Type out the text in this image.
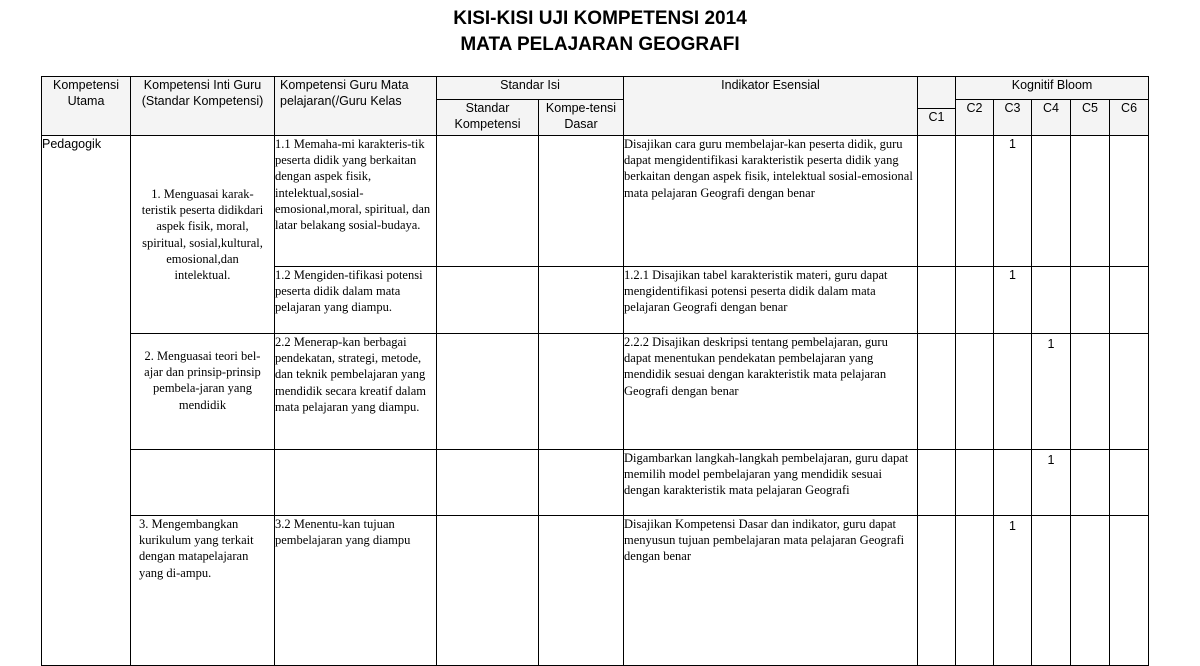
KISI-KISI UJI KOMPETENSI 2014
MATA PELAJARAN GEOGRAFI
Kompetensi Utama	Kompetensi Inti Guru (Standar Kompetensi)	Kompetensi Guru Mata pelajaran(/Guru Kelas	Standar Isi		Indikator Esensial		Kognitif Bloom				
			Standar Kompetensi	Kompe-tensi Dasar			C2	C3	C4	C5	C6
						C1					
Pedagogik	1. Menguasai karak-teristik peserta didikdari aspek fisik, moral, spiritual, sosial,kultural, emosional,dan intelektual.	1.1 Memaha-mi karakteris-tik peserta didik yang berkaitan dengan aspek fisik, intelektual,sosial-emosional,moral, spiritual, dan latar belakang sosial-budaya.			Disajikan cara guru membelajar-kan peserta didik, guru dapat mengidentifikasi karakteristik peserta didik yang berkaitan dengan aspek fisik, intelektual sosial-emosional mata pelajaran Geografi dengan benar			1			
		1.2 Mengiden-tifikasi potensi peserta didik dalam mata pelajaran yang diampu.			1.2.1 Disajikan tabel karakteristik materi, guru dapat mengidentifikasi potensi peserta didik dalam mata pelajaran Geografi dengan benar			1			
	2. Menguasai teori bel-ajar dan prinsip-prinsip pembela-jaran yang mendidik	2.2 Menerap-kan berbagai pendekatan, strategi, metode, dan teknik pembelajaran yang mendidik secara kreatif dalam mata pelajaran yang diampu.			2.2.2 Disajikan deskripsi tentang pembelajaran, guru dapat menentukan pendekatan pembelajaran yang mendidik sesuai dengan karakteristik mata pelajaran Geografi dengan benar				1		
					Digambarkan langkah-langkah pembelajaran, guru dapat memilih model pembelajaran yang mendidik sesuai dengan karakteristik mata pelajaran Geografi				1		
	3. Mengembangkan kurikulum yang terkait dengan matapelajaran yang di-ampu.	3.2 Menentu-kan tujuan pembelajaran yang diampu			Disajikan Kompetensi Dasar dan indikator, guru dapat menyusun tujuan pembelajaran mata pelajaran Geografi dengan benar			1			
